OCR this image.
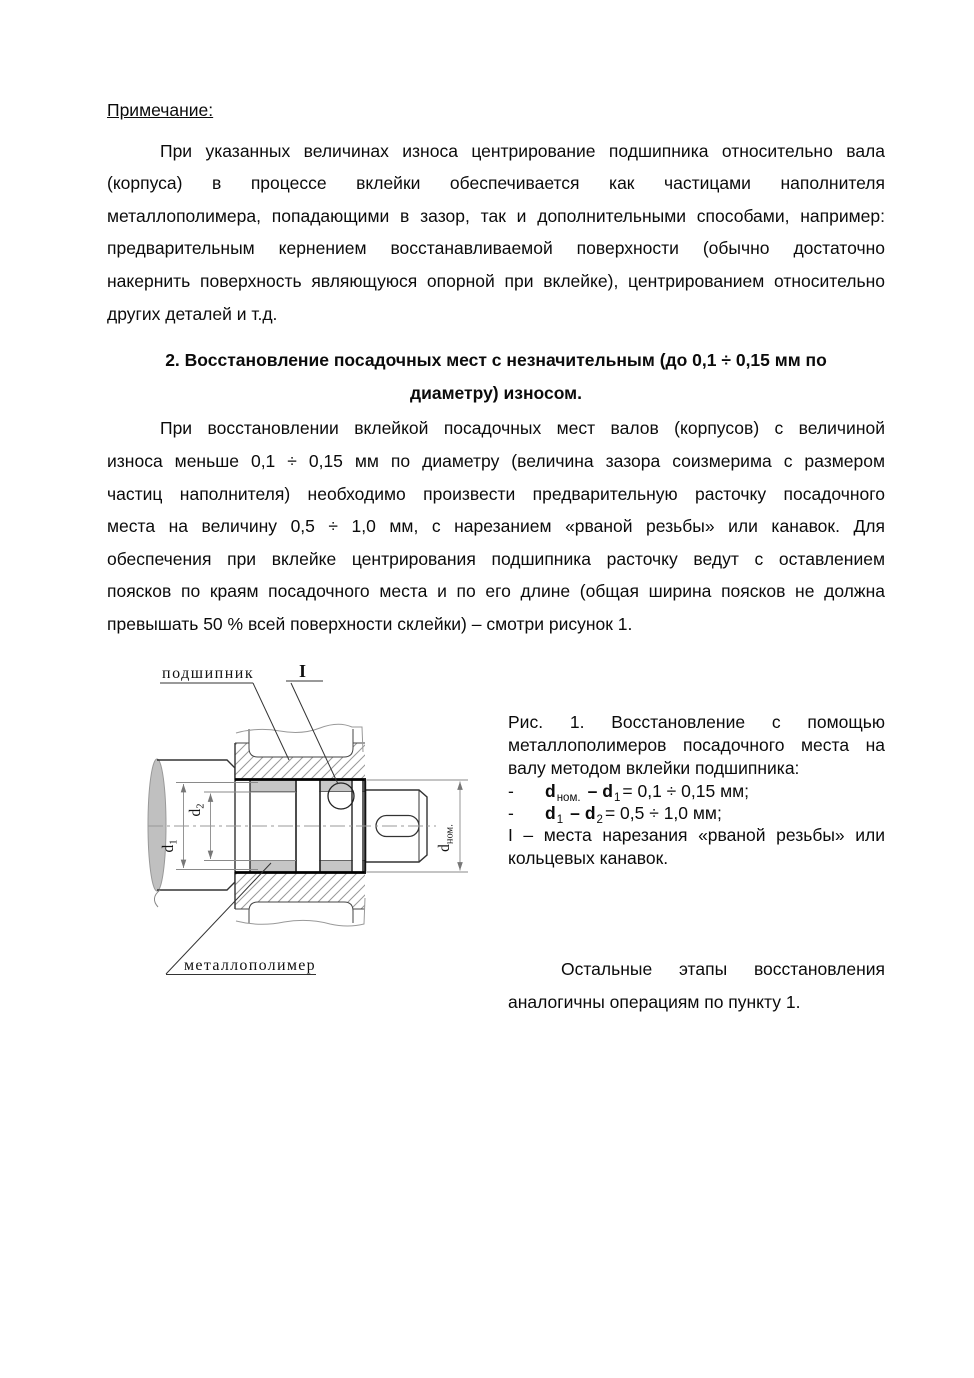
Примечание:

При указанных величинах износа центрирование подшипника относительно вала
(корпуса) в процессе вклейки обеспечивается как частицами наполнителя
металлополимера, попадающими в зазор, так и дополнительными способами, например:
предварительным кернением восстанавливаемой поверхности (обычно достаточно
накернить поверхность являющуюся опорной при вклейке), центрированием относительно
других деталей и т.д.
2. Восстановление посадочных мест с незначительным (до 0,1 ÷ 0,15 мм по
диаметру) износом.
При восстановлении вклейкой посадочных мест валов (корпусов) с величиной
износа меньше 0,1 ÷ 0,15 мм по диаметру (величина зазора соизмерима с размером
частиц наполнителя) необходимо произвести предварительную расточку посадочного
места на величину 0,5 ÷ 1,0 мм, с нарезанием «рваной резьбы» или канавок. Для
обеспечения при вклейке центрирования подшипника расточку ведут с оставлением
поясков по краям посадочного места и по его длине (общая ширина поясков не должна
превышать 50 % всей поверхности склейки) – смотри рисунок 1.
$d_1$
$d_2$
$d_{ном.}$
подшипник I
металлополимер
Рис. 1. Восстановление с помощью
металлополимеров посадочного места на
валу методом вклейки подшипника:
-	$d_{ном.} - d_1 = 0,1 \div 0,15$ мм;
-	$d_1 - d_2 = 0,5 \div 1,0$ мм;
I – места нарезания «рваной резьбы» или
кольцевых канавок.
Остальные этапы восстановления
аналогичны операциям по пункту 1.
